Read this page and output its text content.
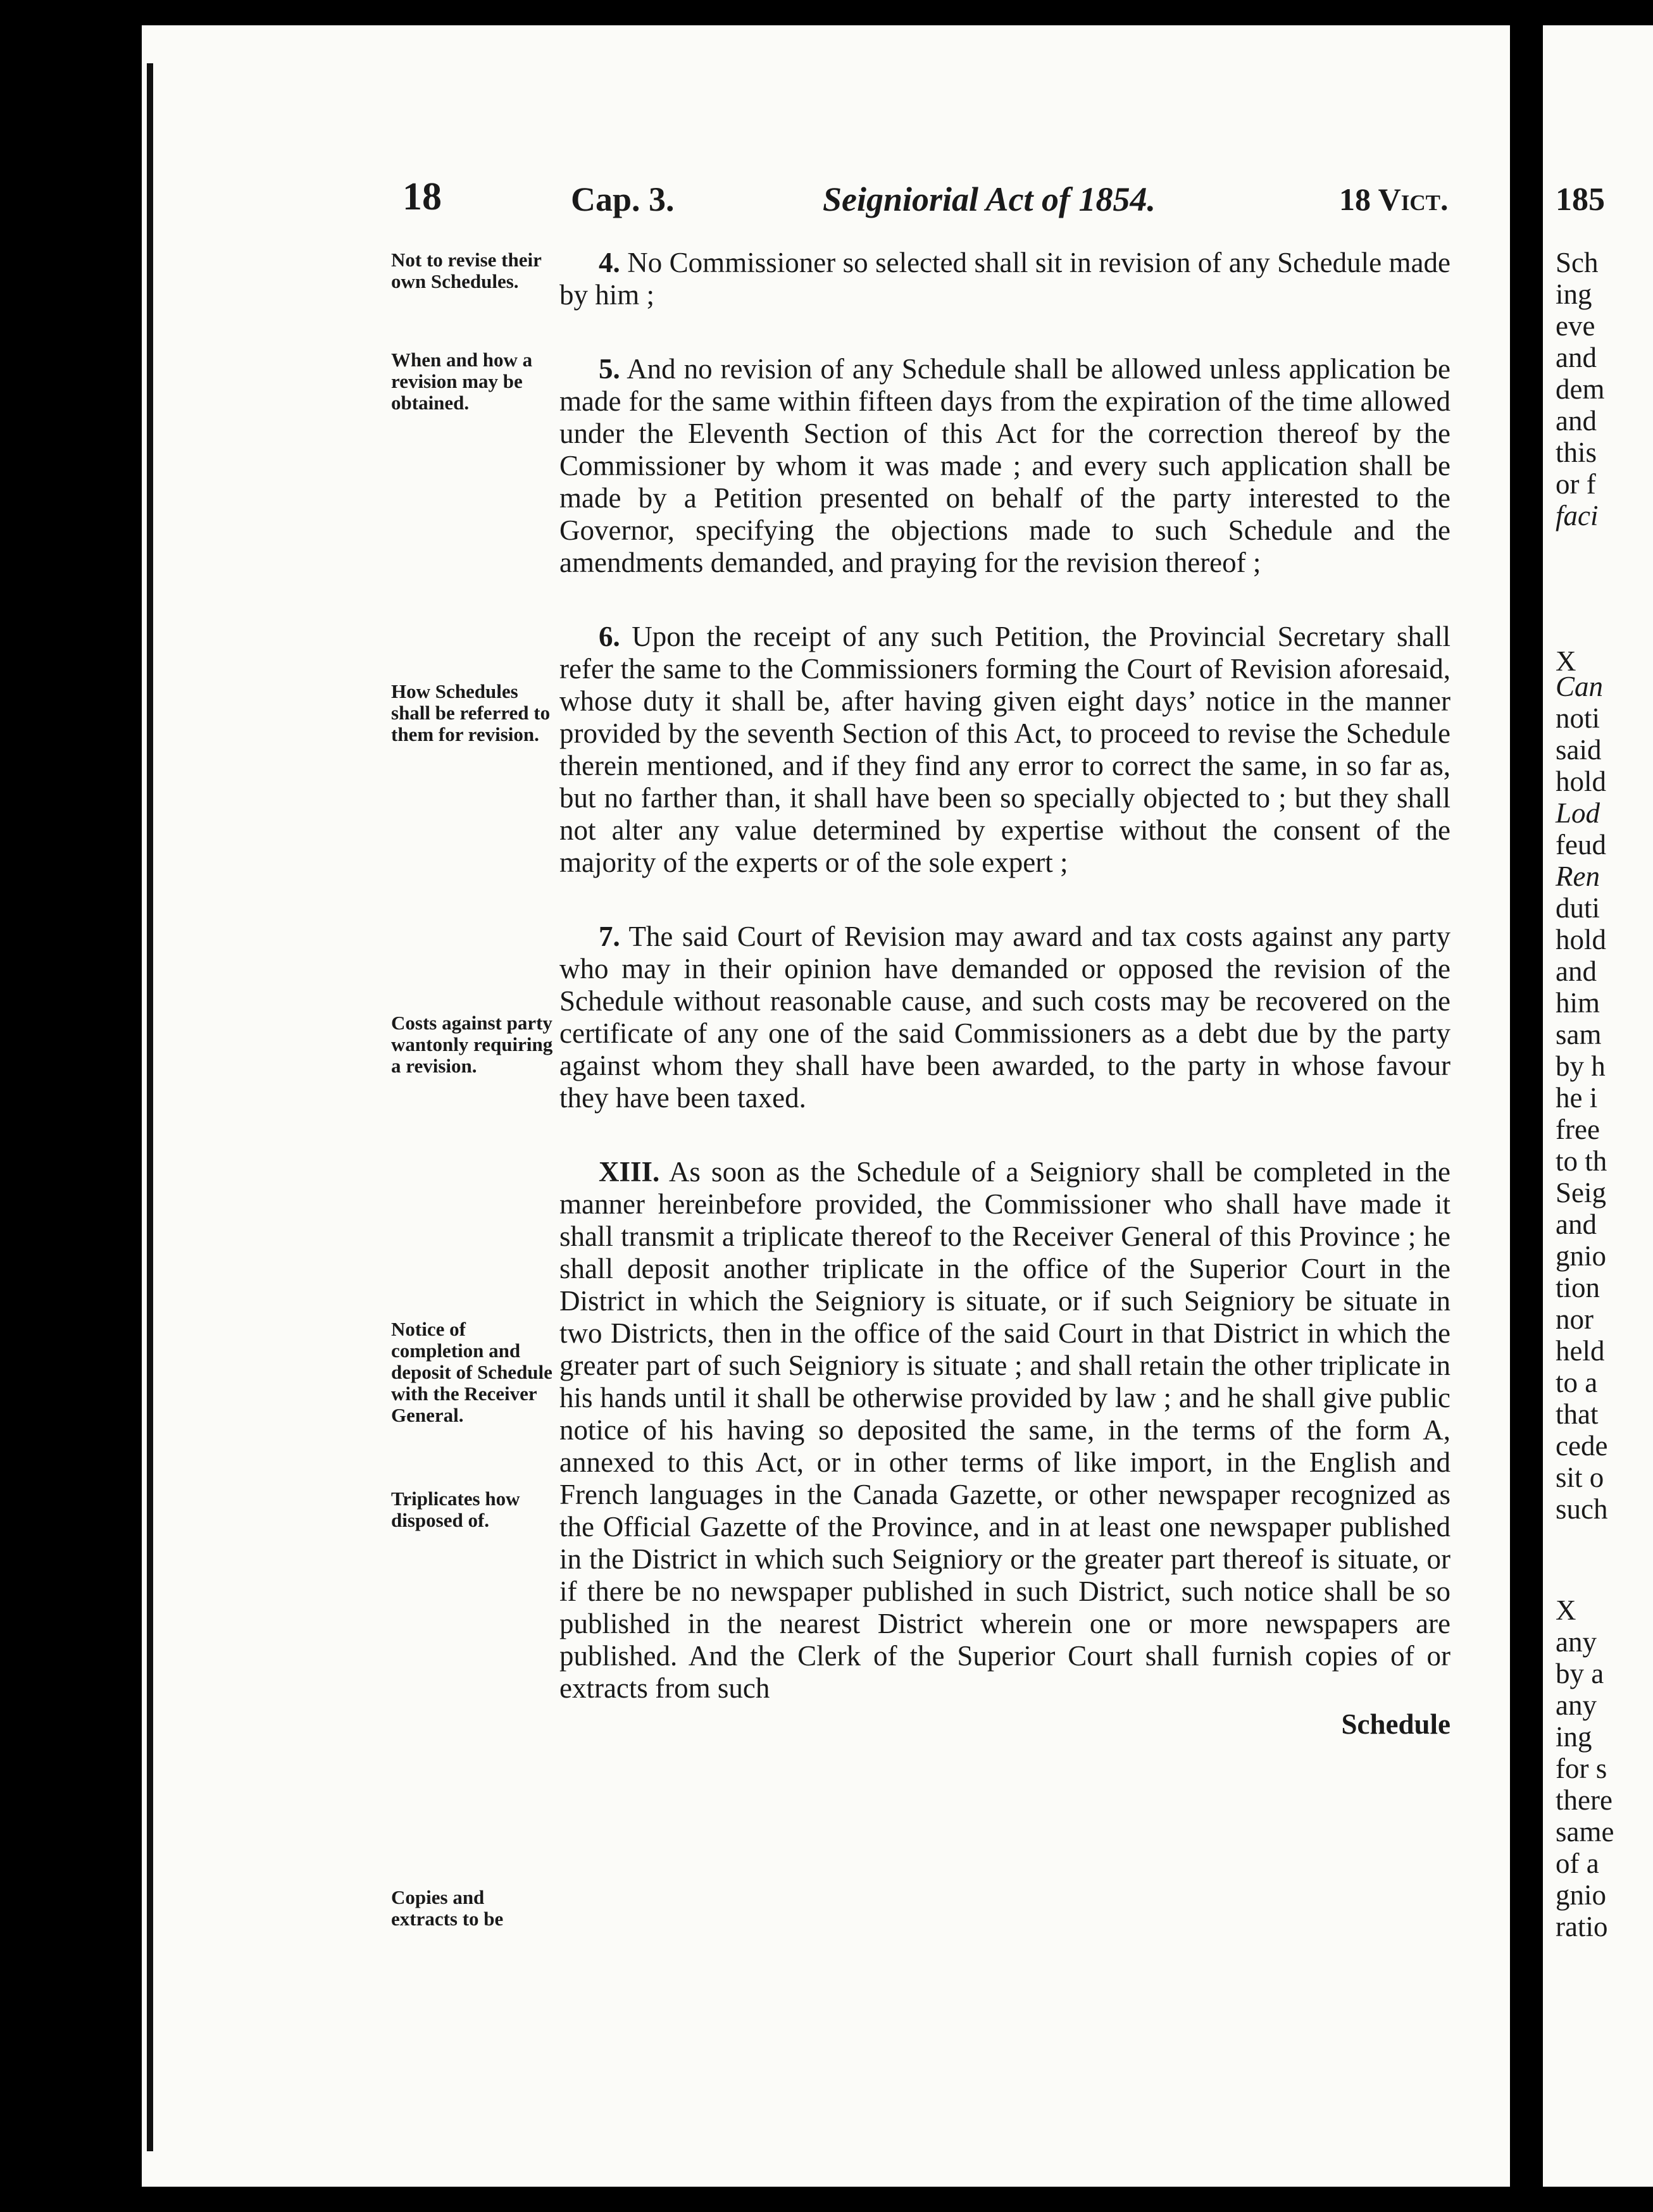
18	Cap. 3.	Seigniorial Act of 1854.	18 Vict.
Not to revise their own Schedules.
When and how a revision may be obtained.
How Schedules shall be referred to them for revision.
Costs against party wantonly requiring a revision.
Notice of completion and deposit of Schedule with the Receiver General.
Triplicates how disposed of.
Copies and extracts to be

4. No Commissioner so selected shall sit in revision of any Schedule made by him ;

5. And no revision of any Schedule shall be allowed unless application be made for the same within fifteen days from the expiration of the time allowed under the Eleventh Section of this Act for the correction thereof by the Commissioner by whom it was made ; and every such application shall be made by a Petition presented on behalf of the party interested to the Governor, specifying the objections made to such Schedule and the amendments demanded, and praying for the revision thereof ;

6. Upon the receipt of any such Petition, the Provincial Secretary shall refer the same to the Commissioners forming the Court of Revision aforesaid, whose duty it shall be, after having given eight days’ notice in the manner provided by the seventh Section of this Act, to proceed to revise the Schedule therein mentioned, and if they find any error to correct the same, in so far as, but no farther than, it shall have been so specially objected to ; but they shall not alter any value determined by expertise without the consent of the majority of the experts or of the sole expert ;

7. The said Court of Revision may award and tax costs against any party who may in their opinion have demanded or opposed the revision of the Schedule without reasonable cause, and such costs may be recovered on the certificate of any one of the said Commissioners as a debt due by the party against whom they shall have been awarded, to the party in whose favour they have been taxed.

XIII. As soon as the Schedule of a Seigniory shall be completed in the manner hereinbefore provided, the Commissioner who shall have made it shall transmit a triplicate thereof to the Receiver General of this Province ; he shall deposit another triplicate in the office of the Superior Court in the District in which the Seigniory is situate, or if such Seigniory be situate in two Districts, then in the office of the said Court in that District in which the greater part of such Seigniory is situate ; and shall retain the other triplicate in his hands until it shall be otherwise provided by law ; and he shall give public notice of his having so deposited the same, in the terms of the form A, annexed to this Act, or in other terms of like import, in the English and French languages in the Canada Gazette, or other newspaper recognized as the Official Gazette of the Province, and in at least one newspaper published in the District in which such Seigniory or the greater part thereof is situate, or if there be no newspaper published in such District, such notice shall be so published in the nearest District wherein one or more newspapers are published. And the Clerk of the Superior Court shall furnish copies of or extracts from such

Schedule
185
Sch
ing
eve
and
dem
and
this
or f
faci
X
Can
noti
said
hold
Lod
feud
Ren
duti
hold
and
him
sam
by h
he i
free
to th
Seig
and
gnio
tion
nor
held
to a
that
cede
sit o
such
X
any
by a
any
ing
for s
there
same
of a
gnio
ratio
